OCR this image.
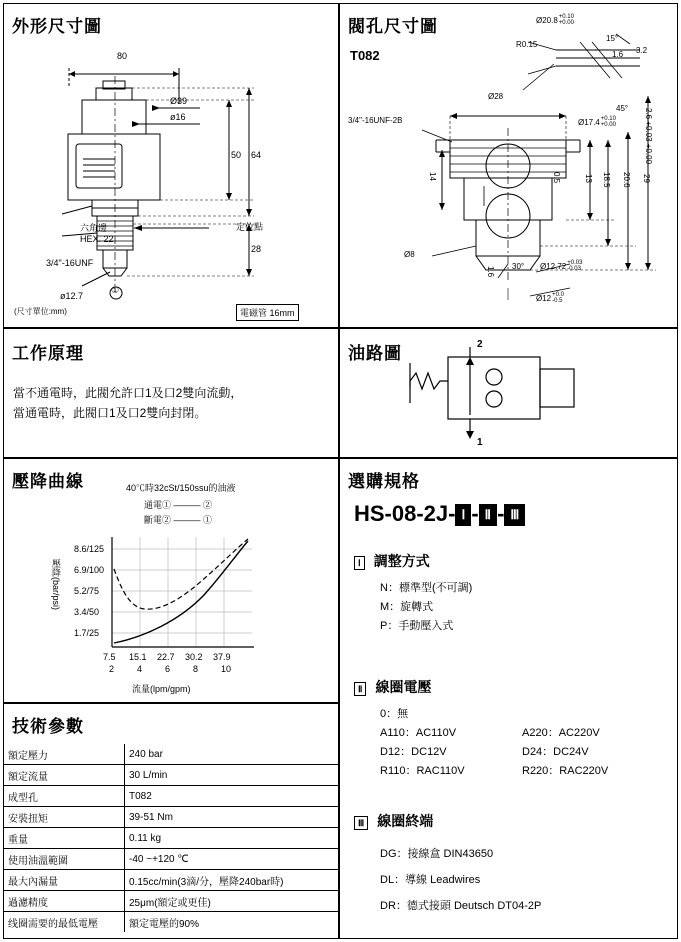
外形尺寸圖
80
Ø39
ø16
50 64
28
六角邊
HEX. 22
3/4"-16UNF
定位點
ø12.7
①
(尺寸單位:mm)	電磁管 16mm
閥孔尺寸圖
T082
Ø20.8+0.10
+0.00
15°
3.2
1.6
R0.15
Ø28
3/4"-16UNF-2B	Ø17.4+0.10
+0.00
45° 2.6 +0.03 +0.00
14	0.5	13 18.5 20.6 29
Ø8
1.6 30° Ø12.72+0.03
-0.03
Ø12+0.0
-0.5
工作原理
當不通電時，此閥允許口1及口2雙向流動，
當通電時，此閥口1及口2雙向封閉。
油路圖	2
1
壓降曲線	40℃時32cSt/150ssu的油液
通電① ——— ②
斷電② ——— ①
8.6/125
6.9/100
5.2/75
3.4/50
1.7/25
壓降(bar/psi)
7.5 15.1 22.7 30.2 37.9
2	4	6	8	10
流量(lpm/gpm)
技術參數
額定壓力	240 bar
額定流量	30 L/min
成型孔	T082
安裝扭矩	39-51 Nm
重量	0.11 kg
使用油溫範圍	-40 ~+120 ℃
最大內漏量	0.15cc/min(3滴/分，壓降240bar時)
過濾精度	25μm(額定或更佳)
线圈需要的最低電壓	額定電壓的90%
選購規格
HS-08-2J- Ⅰ - Ⅱ - Ⅲ
Ⅰ 調整方式
N：標準型(不可調)
M：旋轉式
P：手動壓入式
Ⅱ 線圈電壓
0：無
A110：AC110V	A220：AC220V
D12：DC12V	D24：DC24V
R110：RAC110V	R220：RAC220V
Ⅲ 線圈終端
DG：接線盒 DIN43650
DL：導線 Leadwires
DR：德式接頭 Deutsch DT04-2P
